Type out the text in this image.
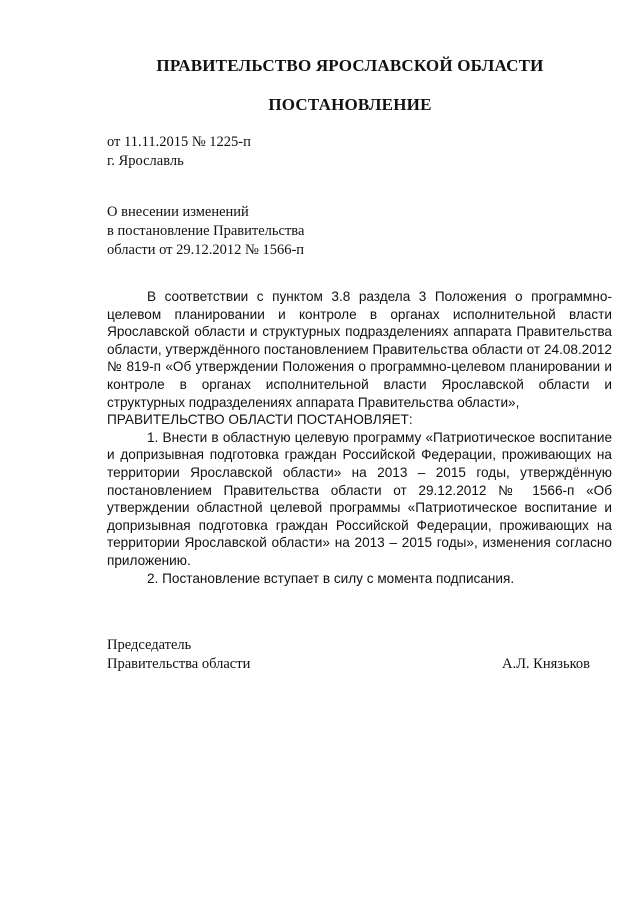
ПРАВИТЕЛЬСТВО ЯРОСЛАВСКОЙ ОБЛАСТИ
ПОСТАНОВЛЕНИЕ
от 11.11.2015 № 1225-п
г. Ярославль
О внесении изменений
в постановление Правительства
области от 29.12.2012 № 1566-п

В соответствии с пунктом 3.8 раздела 3 Положения о программно-целевом планировании и контроле в органах исполнительной власти Ярославской области и структурных подразделениях аппарата Правительства области, утверждённого постановлением Правительства области от 24.08.2012 № 819-п «Об утверждении Положения о программно-целевом планировании и контроле в органах исполнительной власти Ярославской области и структурных подразделениях аппарата Правительства области»,

ПРАВИТЕЛЬСТВО ОБЛАСТИ ПОСТАНОВЛЯЕТ:

1. Внести в областную целевую программу «Патриотическое воспитание и допризывная подготовка граждан Российской Федерации, проживающих на территории Ярославской области» на 2013 – 2015 годы, утверждённую постановлением Правительства области от 29.12.2012 № 1566-п «Об утверждении областной целевой программы «Патриотическое воспитание и допризывная подготовка граждан Российской Федерации, проживающих на территории Ярославской области» на 2013 – 2015 годы», изменения согласно приложению.

2. Постановление вступает в силу с момента подписания.

Председатель
Правительства области	А.Л. Князьков
